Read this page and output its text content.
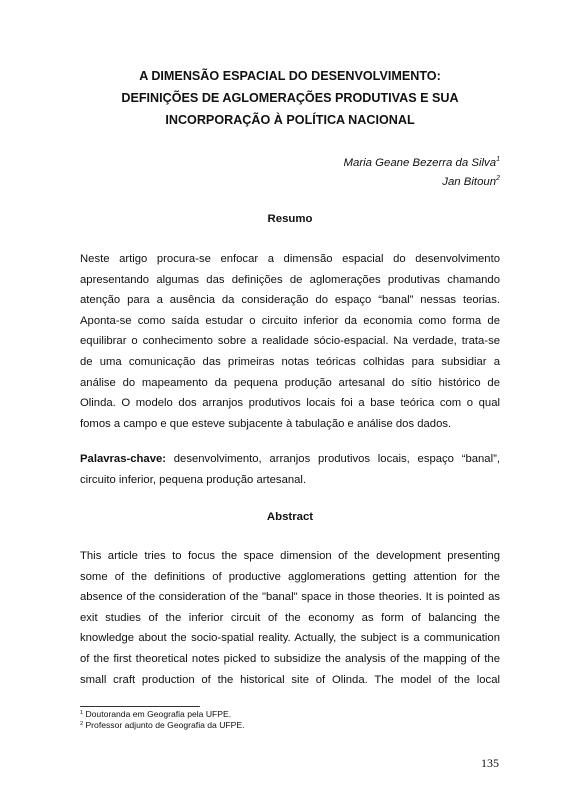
A DIMENSÃO ESPACIAL DO DESENVOLVIMENTO:
DEFINIÇÕES DE AGLOMERAÇÕES PRODUTIVAS E SUA
INCORPORAÇÃO À POLÍTICA NACIONAL
Maria Geane Bezerra da Silva$^1$
Jan Bitoun$^2$
Resumo
Neste artigo procura-se enfocar a dimensão espacial do desenvolvimento
apresentando algumas das definições de aglomerações produtivas chamando
atenção para a ausência da consideração do espaço “banal” nessas teorias.
Aponta-se como saída estudar o circuito inferior da economia como forma de
equilibrar o conhecimento sobre a realidade sócio-espacial. Na verdade, trata-se
de uma comunicação das primeiras notas teóricas colhidas para subsidiar a
análise do mapeamento da pequena produção artesanal do sítio histórico de
Olinda. O modelo dos arranjos produtivos locais foi a base teórica com o qual
fomos a campo e que esteve subjacente à tabulação e análise dos dados.
Palavras-chave: desenvolvimento, arranjos produtivos locais, espaço “banal”,
circuito inferior, pequena produção artesanal.
Abstract
This article tries to focus the space dimension of the development presenting
some of the definitions of productive agglomerations getting attention for the
absence of the consideration of the "banal" space in those theories. It is pointed as
exit studies of the inferior circuit of the economy as form of balancing the
knowledge about the socio-spatial reality. Actually, the subject is a communication
of the first theoretical notes picked to subsidize the analysis of the mapping of the
small craft production of the historical site of Olinda. The model of the local
$^1$ Doutoranda em Geografia pela UFPE.
$^2$ Professor adjunto de Geografia da UFPE.
135
